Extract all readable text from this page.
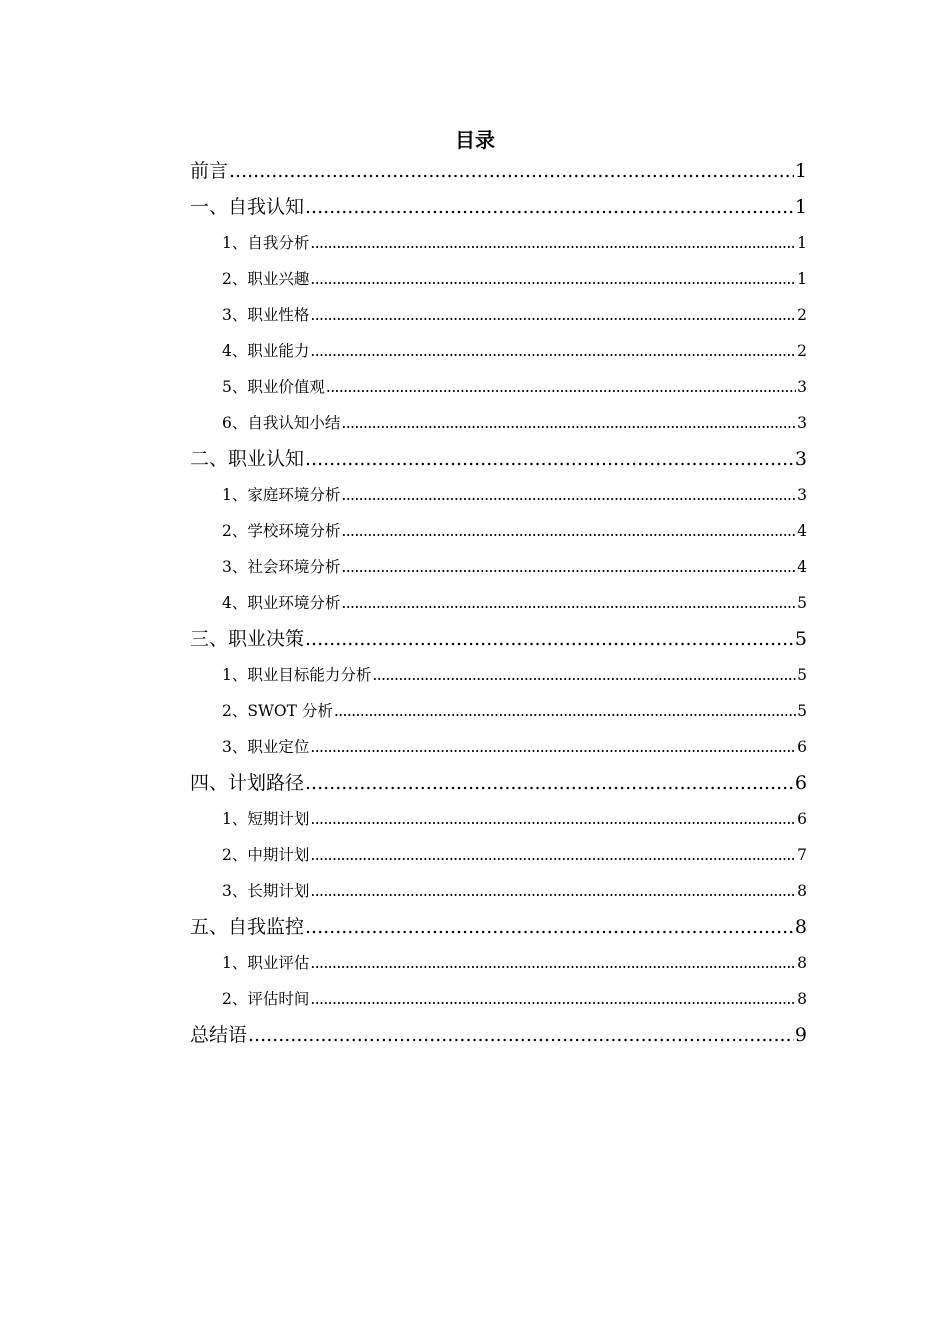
目录
前言 .....	1
一、自我认知 .....	1
1、自我分析 .....	1
2、职业兴趣 .....	1
3、职业性格 .....	2
4、职业能力 .....	2
5、职业价值观 .....	3
6、自我认知小结 .....	3
二、职业认知 .....	3
1、家庭环境分析 .....	3
2、学校环境分析 .....	4
3、社会环境分析 .....	4
4、职业环境分析 .....	5
三、职业决策 .....	5
1、职业目标能力分析 .....	5
2、SWOT 分析 .....	5
3、职业定位 .....	6
四、计划路径 .....	6
1、短期计划 .....	6
2、中期计划 .....	7
3、长期计划 .....	8
五、自我监控 .....	8
1、职业评估 .....	8
2、评估时间 .....	8
总结语 .....	9
